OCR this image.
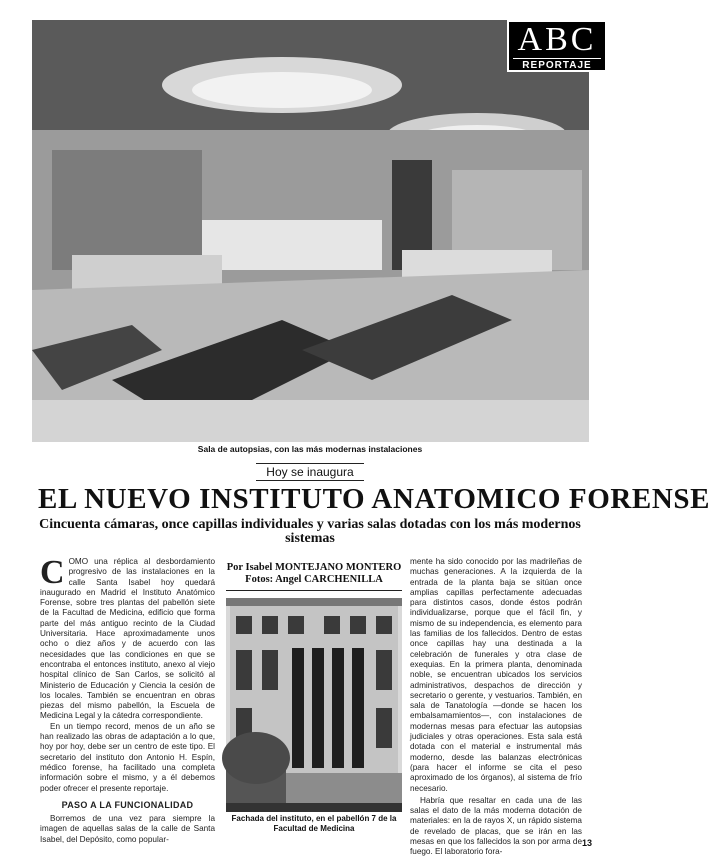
ABC
REPORTAJE
Sala de autopsias, con las más modernas instalaciones
Hoy se inaugura
EL NUEVO INSTITUTO ANATOMICO FORENSE
Cincuenta cámaras, once capillas individuales y varias salas dotadas con los más modernos sistemas
C OMO una réplica al desbordamiento progresivo de las instalaciones en la calle Santa Isabel hoy quedará inaugurado en Madrid el Instituto Anatómico Forense, sobre tres plantas del pabellón siete de la Facultad de Medicina, edificio que forma parte del más antiguo recinto de la Ciudad Universitaria. Hace aproximadamente unos ocho o diez años y de acuerdo con las necesidades que las condiciones en que se encontraba el entonces instituto, anexo al viejo hospital clínico de San Carlos, se solicitó al Ministerio de Educación y Ciencia la cesión de los locales. También se encuentran en obras piezas del mismo pabellón, la Escuela de Medicina Legal y la cátedra correspondiente.

En un tiempo record, menos de un año se han realizado las obras de adaptación a lo que, hoy por hoy, debe ser un centro de este tipo. El secretario del instituto don Antonio H. Espín, médico forense, ha facilitado una completa información sobre el mismo, y a él debemos poder ofrecer el presente reportaje.

PASO A LA FUNCIONALIDAD

Borremos de una vez para siempre la imagen de aquellas salas de la calle de Santa Isabel, del Depósito, como popular-

Por Isabel MONTEJANO MONTERO
Fotos: Angel CARCHENILLA
Fachada del instituto, en el pabellón 7 de la Facultad de Medicina

mente ha sido conocido por las madrileñas de muchas generaciones. A la izquierda de la entrada de la planta baja se sitúan once amplias capillas perfectamente adecuadas para distintos casos, donde éstos podrán individualizarse, porque que el fácil fin, y mismo de su independencia, es elemento para las familias de los fallecidos. Dentro de estas once capillas hay una destinada a la celebración de funerales y otra clase de exequias. En la primera planta, denominada noble, se encuentran ubicados los servicios administrativos, despachos de dirección y secretario o gerente, y vestuarios. También, en sala de Tanatología —donde se hacen los embalsamamientos—, con instalaciones de modernas mesas para efectuar las autopsias judiciales y otras operaciones. Esta sala está dotada con el material e instrumental más moderno, desde las balanzas electrónicas (para hacer el informe se cita el peso aproximado de los órganos), al sistema de frío necesario.

Habría que resaltar en cada una de las salas el dato de la más moderna dotación de materiales: en la de rayos X, un rápido sistema de revelado de placas, que se irán en las mesas en que los fallecidos la son por arma de fuego. El laboratorio fora-

13
